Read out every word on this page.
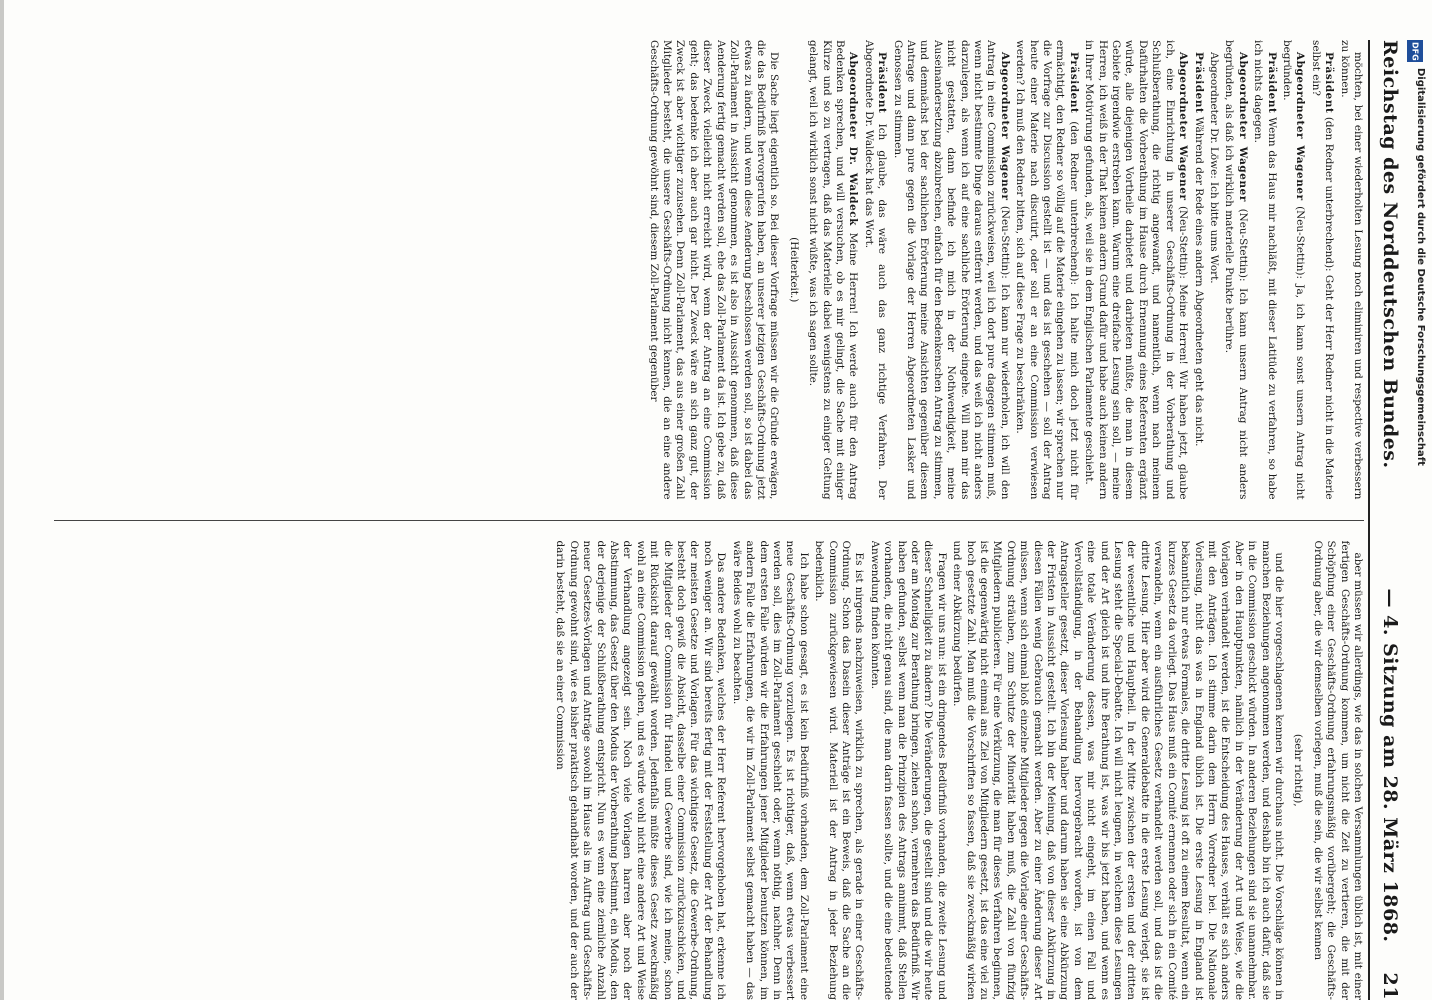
Reichstag des Norddeutschen Bundes.
— 4. Sitzung am 28. März 1868.
21

möchten, bei einer wiederholten Lesung noch eliminiren und respective verbessern zu können.

Präsident (den Redner unterbrechend): Geht der Herr Redner nicht in die Materie selbst ein?

Abgeordneter Wagener (Neu-Stettin): Ja, ich kann sonst unsern Antrag nicht begründen.

Präsident Wenn das Haus mir nachläßt, mit dieser Latitüde zu verfahren, so habe ich nichts dagegen.

Abgeordneter Wagener (Neu-Stettin): Ich kann unsern Antrag nicht anders begründen, als daß ich wirklich materielle Punkte berühre.

Abgeordneter Dr. Löwe: Ich bitte ums Wort.

Präsident Während der Rede eines andern Abgeordneten geht das nicht.

Abgeordneter Wagener (Neu-Stettin): Meine Herren! Wir haben jetzt, glaube ich, eine Einrichtung in unserer Geschäfts-Ordnung in der Vorberathung und Schlußberathung, die richtig angewandt, und namentlich, wenn nach meinem Dafürhalten die Vorberathung im Hause durch Ernennung eines Referenten ergänzt würde, alle diejenigen Vortheile darbietet und darbieten müßte, die man in diesem Gebiete irgendwie erstreben kann. Warum eine dreifache Lesung sein soll, — meine Herren, ich weiß in der That keinen andern Grund dafür und habe auch keinen andern in Ihrer Motivirung gefunden, als, weil sie in dem Englischen Parlamente geschieht.

Präsident (den Redner unterbrechend): Ich halte mich doch jetzt nicht für ermächtigt, den Redner so völlig auf die Materie eingehen zu lassen; wir sprechen nur die Vorfrage zur Discussion gestellt ist — und das ist geschehen — soll der Antrag heute einer Materie nach discutirt, oder soll er an eine Commission verwiesen werden? Ich muß den Redner bitten, sich auf diese Frage zu beschränken.

Abgeordneter Wagener (Neu-Stettin): Ich kann nur wiederholen, ich will den Antrag in eine Commission zurückweisen, weil ich dort pure dagegen stimmen muß, wenn nicht bestimmte Dinge daraus entfernt werden, und das weiß ich nicht anders darzulegen, als wenn ich auf eine sachliche Erörterung eingehe. Will man mir das nicht gestatten, dann befinde ich mich in der Nothwendigkeit, meine Auseinandersetzung abzubrechen, einfach für den Bedenkenschen Antrag zu stimmen, und demnächst bei der sachlichen Erörterung meine Ansichten gegenüber diesem Antrage und dann pure gegen die Vorlage der Herren Abgeordneten Lasker und Genossen zu stimmen.

Präsident Ich glaube, das wäre auch das ganz richtige Verfahren. Der Abgeordnete Dr. Waldeck hat das Wort.

Abgeordneter Dr. Waldeck Meine Herren! Ich werde auch für den Antrag Bedenken sprechen, und will versuchen, ob es mir gelingt, die Sache mit einiger Kürze und so zu vertragen, daß das Materielle dabei wenigstens zu einiger Geltung gelangt, weil ich wirklich sonst nicht wüßte, was ich sagen sollte.

(Heiterkeit.)

Die Sache liegt eigentlich so. Bei dieser Vorfrage müssen wir die Gründe erwägen, die das Bedürfniß hervorgerufen haben, an unserer jetzigen Geschäfts-Ordnung jetzt etwas zu ändern, und wenn diese Aenderung beschlossen werden soll, so ist dabei das Zoll-Parlament in Aussicht genommen, es ist also in Aussicht genommen, daß diese Aenderung fertig gemacht werden soll, ehe das Zoll-Parlament da ist. Ich gebe zu, daß dieser Zweck vielleicht nicht erreicht wird, wenn der Antrag an eine Commission geht; das bedenke ich aber auch gar nicht. Der Zweck wäre an sich ganz gut, der Zweck ist aber wichtiger zuzusehen. Denn Zoll-Parlament, das aus einer großen Zahl Mitglieder besteht, die unsere Geschäfts-Ordnung nicht kennen, die an eine andere Geschäfts-Ordnung gewöhnt sind, diesem Zoll-Parlament gegenüber

aber müssen wir allerdings, wie das in solchen Versammlungen üblich ist, mit einer fertigen Geschäfts-Ordnung kommen, um nicht die Zeit zu vertieren, die mit der Schöpfung einer Geschäfts-Ordnung erfahrungsmäßig vorübergeht; die Geschäfts-Ordnung aber, die wir demselben vorlegen, muß die sein, die wir selbst kennen

(sehr richtig),

und die hier vorgeschlagenen kennen wir durchaus nicht. Die Vorschläge können in manchen Beziehungen angenommen werden, und deshalb bin ich auch dafür, daß sie in die Commission geschickt würden. In anderen Beziehungen sind sie unannehmbar. Aber in den Hauptpunkten, nämlich in der Veränderung der Art und Weise, wie die Vorlagen verhandelt werden, ist die Entscheidung des Hauses, verhält es sich anders mit den Anträgen. Ich stimme darin dem Herrn Vorredner bei. Die Nationale Vorlesung, nicht das was in England üblich ist. Die erste Lesung in England ist bekanntlich nur etwas Formales, die dritte Lesung ist oft zu einem Resultat, wenn ein kurzes Gesetz da vorliegt. Das Haus muß ein Comité ernennen oder sich in ein Comité verwandeln, wenn ein ausführliches Gesetz verhandelt werden soll, und das ist die dritte Lesung. Hier aber wird die Generaldebatte in die erste Lesung verlegt, sie ist der wesentliche und Hauptheil. In der Mitte zwischen der ersten und der dritten Lesung steht die Special-Debatte. Ich will nicht leugnen, in welchem diese Lesungen und der Art gleich ist und ihre Berathung ist, was wir bis jetzt haben, und wenn es eine totale Veränderung dessen, was mir nicht eingeht, im einen Fall und Vervollständigung, in der Behandlung hervorgebracht worden, ist von dem Antragsteller gesetzt, dieser Vorlesung halber und darum haben sie eine Abkürzung der Fristen in Aussicht gestellt. Ich bin der Meinung, daß von dieser Abkürzung in diesen Fällen wenig Gebrauch gemacht werden. Aber zu einer Änderung dieser Art müssen, wenn sich einmal bloß einzelne Mitglieder gegen die Vorlage einer Geschäfts-Ordnung sträuben, zum Schutze der Minorität haben muß, die Zahl von fünfzig Mitgliedern publicieren. Für eine Verkürzung, die man für dieses Verfahren beginnen, ist die gegenwärtig nicht einmal ans Ziel von Mitgliedern gesetzt, ist das eine viel zu hoch gesetzte Zahl. Man muß die Vorschriften so fassen, daß sie zweckmäßig wirken und einer Abkürzung bedürfen.

Fragen wir uns nun: ist ein dringendes Bedürfniß vorhanden, die zweite Lesung und dieser Schnelligkeit zu ändern? Die Veränderungen, die gestellt sind und die wir heute oder am Montag zur Berathung bringen, ziehen schon, vermehren das Bedürfniß. Wir haben gefunden, selbst wenn man die Prinzipien des Antrags annimmt, daß Stellen vorhanden, die nicht genau sind, die man darin fassen sollte, und die eine bedeutende Anwendung finden könnten.

Es ist nirgends nachzuweisen, wirklich zu sprechen, als gerade in einer Geschäfts-Ordnung. Schon das Dasein dieser Anträge ist ein Beweis, daß die Sache an die Commission zurückgewiesen wird. Materiell ist der Antrag in jeder Beziehung bedenklich.

Ich habe schon gesagt, es ist kein Bedürfniß vorhanden, dem Zoll-Parlament eine neue Geschäfts-Ordnung vorzulegen. Es ist richtiger, daß, wenn etwas verbessert werden soll, dies im Zoll-Parlament geschieht oder, wenn nöthig, nachher. Denn in dem ersten Falle würden wir die Erfahrungen jener Mitglieder benutzen können, im andern Falle die Erfahrungen, die wir im Zoll-Parlament selbst gemacht haben — das wäre Beides wohl zu beachten.

Das andere Bedenken, welches der Herr Referent hervorgehoben hat, erkenne ich noch weniger an. Wir sind bereits fertig mit der Feststellung der Art der Behandlung der meisten Gesetze und Vorlagen. Für das wichtigste Gesetz, die Gewerbe-Ordnung, besteht doch gewiß die Absicht, dasselbe einer Commission zurückzuschicken, und die Mitglieder der Commission für Handel und Gewerbe sind, wie ich meine, schon mit Rücksicht darauf gewählt worden. Jedenfalls müßte dieses Gesetz zweckmäßig wohl an eine Commission gehen, und es würde wohl nicht eine andere Art und Weise der Verhandlung angezeigt sein. Noch viele Vorlagen harren aber noch der Abstimmung, das Gesetz über den Modus der Vorberathung bestimmt, ein Modus, den der derjenige der Schlußberathung entspricht. Nun es wenn eine ziemliche Anzahl neuer Gesetzes-Vorlagen und Anträge sowohl im Hause als im Auftrag und Geschäfts-Ordnung gewohnt sind, wie es bisher praktisch gehandhabt worden, und der auch der darin besteht, daß sie an einer Commission

DFG
Digitalisierung gefördert durch die Deutsche Forschungsgemeinschaft
